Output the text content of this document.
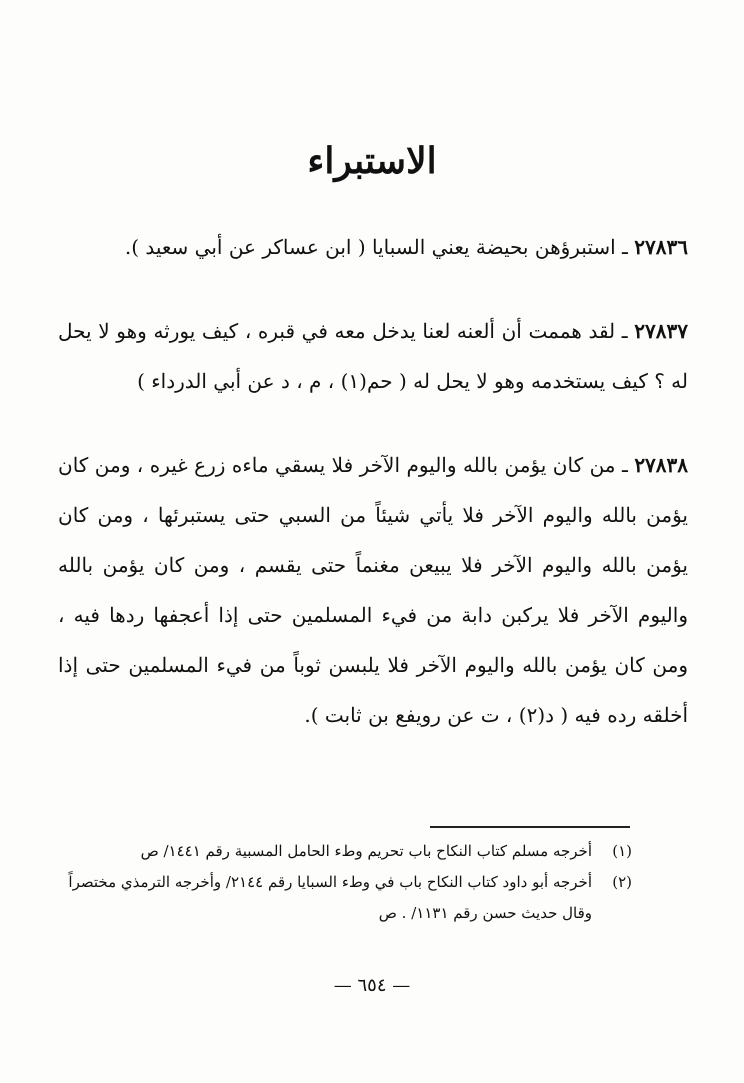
الاستبراء

٢٧٨٣٦ ـ استبرؤهن بحيضة يعني السبايا ( ابن عساكر عن أبي سعيد ).

٢٧٨٣٧ ـ لقد هممت أن ألعنه لعنا يدخل معه في قبره ، كيف يورثه وهو لا يحل له ؟ كيف يستخدمه وهو لا يحل له ( حم(١) ، م ، د عن أبي الدرداء )

٢٧٨٣٨ ـ من كان يؤمن بالله واليوم الآخر فلا يسقي ماءه زرع غيره ، ومن كان يؤمن بالله واليوم الآخر فلا يأتي شيئاً من السبي حتى يستبرئها ، ومن كان يؤمن بالله واليوم الآخر فلا يبيعن مغنماً حتى يقسم ، ومن كان يؤمن بالله واليوم الآخر فلا يركبن دابة من فيء المسلمين حتى إذا أعجفها ردها فيه ، ومن كان يؤمن بالله واليوم الآخر فلا يلبسن ثوباً من فيء المسلمين حتى إذا أخلقه رده فيه ( د(٢) ، ت عن رويفع بن ثابت ).

(١)
أخرجه مسلم كتاب النكاح باب تحريم وطء الحامل المسبية رقم ١٤٤١/ ص
(٢)
أخرجه أبو داود كتاب النكاح باب في وطء السبايا رقم ٢١٤٤/ وأخرجه الترمذي مختصراً وقال حديث حسن رقم ١١٣١/ . ص
— ٦٥٤ —
